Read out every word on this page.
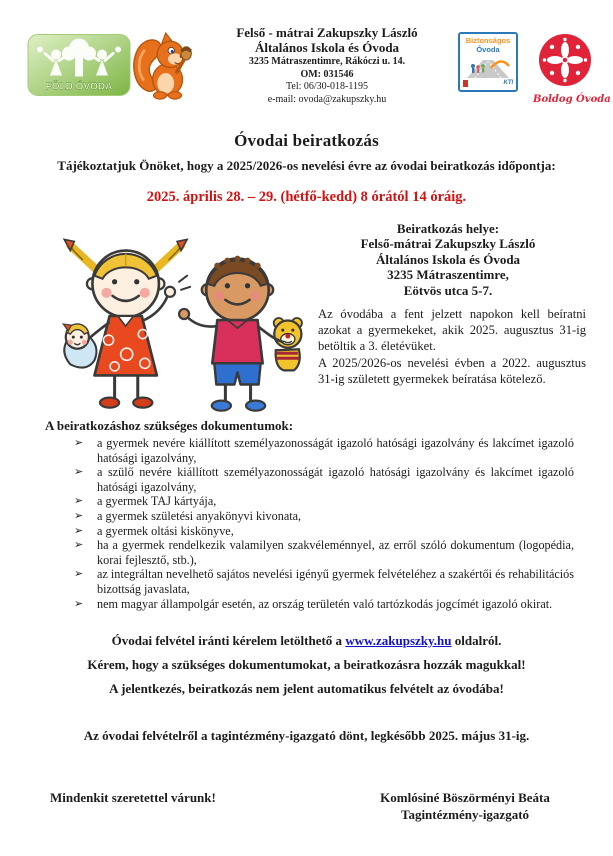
FÖLD ÓVODA
Felső - mátrai Zakupszky László
Általános Iskola és Óvoda
3235 Mátraszentimre, Rákóczi u. 14.
OM: 031546
Tel: 06/30-018-1195
e-mail: ovoda@zakupszky.hu
Biztonságos
Óvoda
KTI
Boldog Óvoda
Óvodai beiratkozás
Tájékoztatjuk Önöket, hogy a 2025/2026-os nevelési évre az óvodai beiratkozás időpontja:
2025. április 28. – 29. (hétfő-kedd) 8 órától 14 óráig.
Beiratkozás helye:
Felső-mátrai Zakupszky László
Általános Iskola és Óvoda
3235 Mátraszentimre,
Eötvös utca 5-7.
Az óvodába a fent jelzett napokon kell beíratni azokat a gyermekeket, akik 2025. augusztus 31-ig betöltik a 3. életévüket.
A 2025/2026-os nevelési évben a 2022. augusztus 31-ig született gyermekek beíratása kötelező.
A beiratkozáshoz szükséges dokumentumok:
➢ a gyermek nevére kiállított személyazonosságát igazoló hatósági igazolvány és lakcímet igazoló hatósági igazolvány,
➢ a szülő nevére kiállított személyazonosságát igazoló hatósági igazolvány és lakcímet igazoló hatósági igazolvány,
➢ a gyermek TAJ kártyája,
➢ a gyermek születési anyakönyvi kivonata,
➢ a gyermek oltási kiskönyve,
➢ ha a gyermek rendelkezik valamilyen szakvéleménnyel, az erről szóló dokumentum (logopédia, korai fejlesztő, stb.),
➢ az integráltan nevelhető sajátos nevelési igényű gyermek felvételéhez a szakértői és rehabilitációs bizottság javaslata,
➢ nem magyar állampolgár esetén, az ország területén való tartózkodás jogcímét igazoló okirat.
Óvodai felvétel iránti kérelem letölthető a www.zakupszky.hu oldalról.
Kérem, hogy a szükséges dokumentumokat, a beiratkozásra hozzák magukkal!
A jelentkezés, beiratkozás nem jelent automatikus felvételt az óvodába!
Az óvodai felvételről a tagintézmény-igazgató dönt, legkésőbb 2025. május 31-ig.
Mindenkit szeretettel várunk!	Komlósiné Böszörményi Beáta
Tagintézmény-igazgató
